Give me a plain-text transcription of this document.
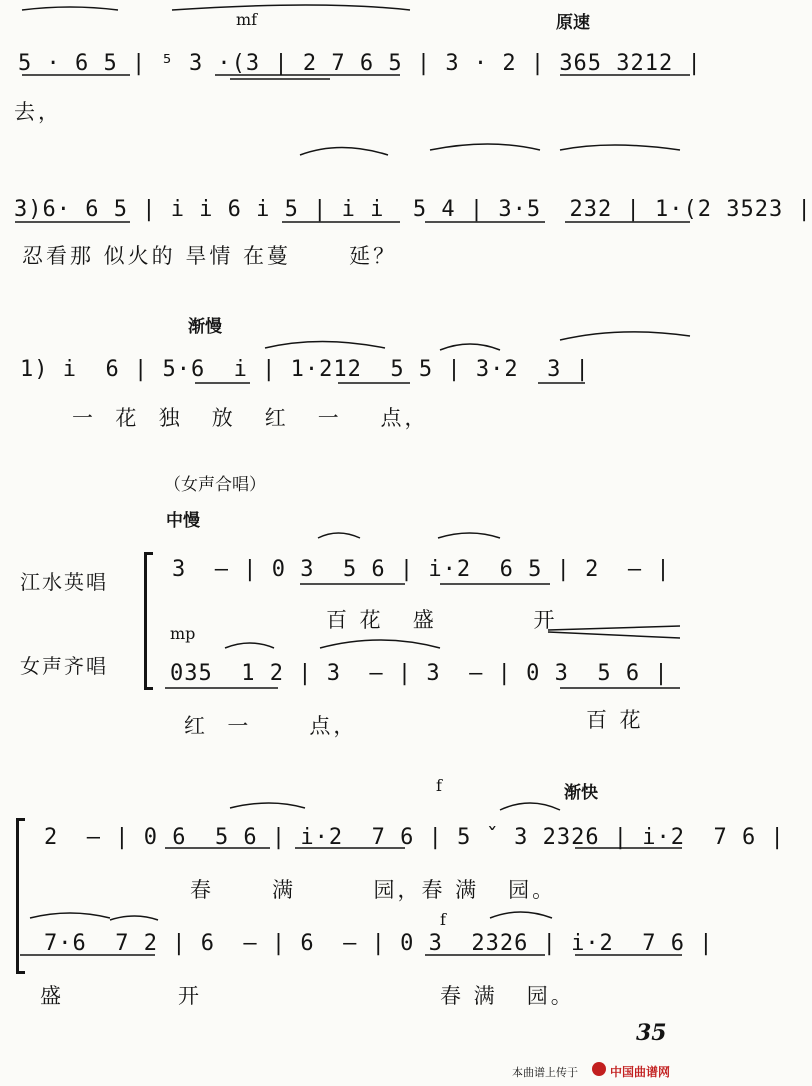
mf	原速
5 · 6 5 | ⁵ 3 ·(3 | 2 7 6 5 | 3 · 2 | 365 3212 |
去，
3)6· 6 5 | i i 6 i 5 | i i  5 4 | 3·5  232 | 1·(2 3523 |
忍看那 似火的 旱情 在蔓      延？
渐慢
1) i  6 | 5·6  i | 1·212  5 5 | 3·2  3 |
一  花  独   放   红   一    点，
（女声合唱）
中慢
江水英唱	3  — | 0 3  5 6 | i·2  6 5 | 2  — |
百 花   盛          开
mp
女声齐唱	035  1 2 | 3  — | 3  — | 0 3  5 6 |
红  一      点，	百 花
f	渐快
2  — | 0 6  5 6 | i·2  7 6 | 5 ˇ 3 2326 | i·2  7 6 |
春      满        园，春 满   园。
f
7·6  7 2 | 6  — | 6  — | 0 3  2326 | i·2  7 6 |
盛	开	春 满   园。
35
本曲谱上传于	中国曲谱网
